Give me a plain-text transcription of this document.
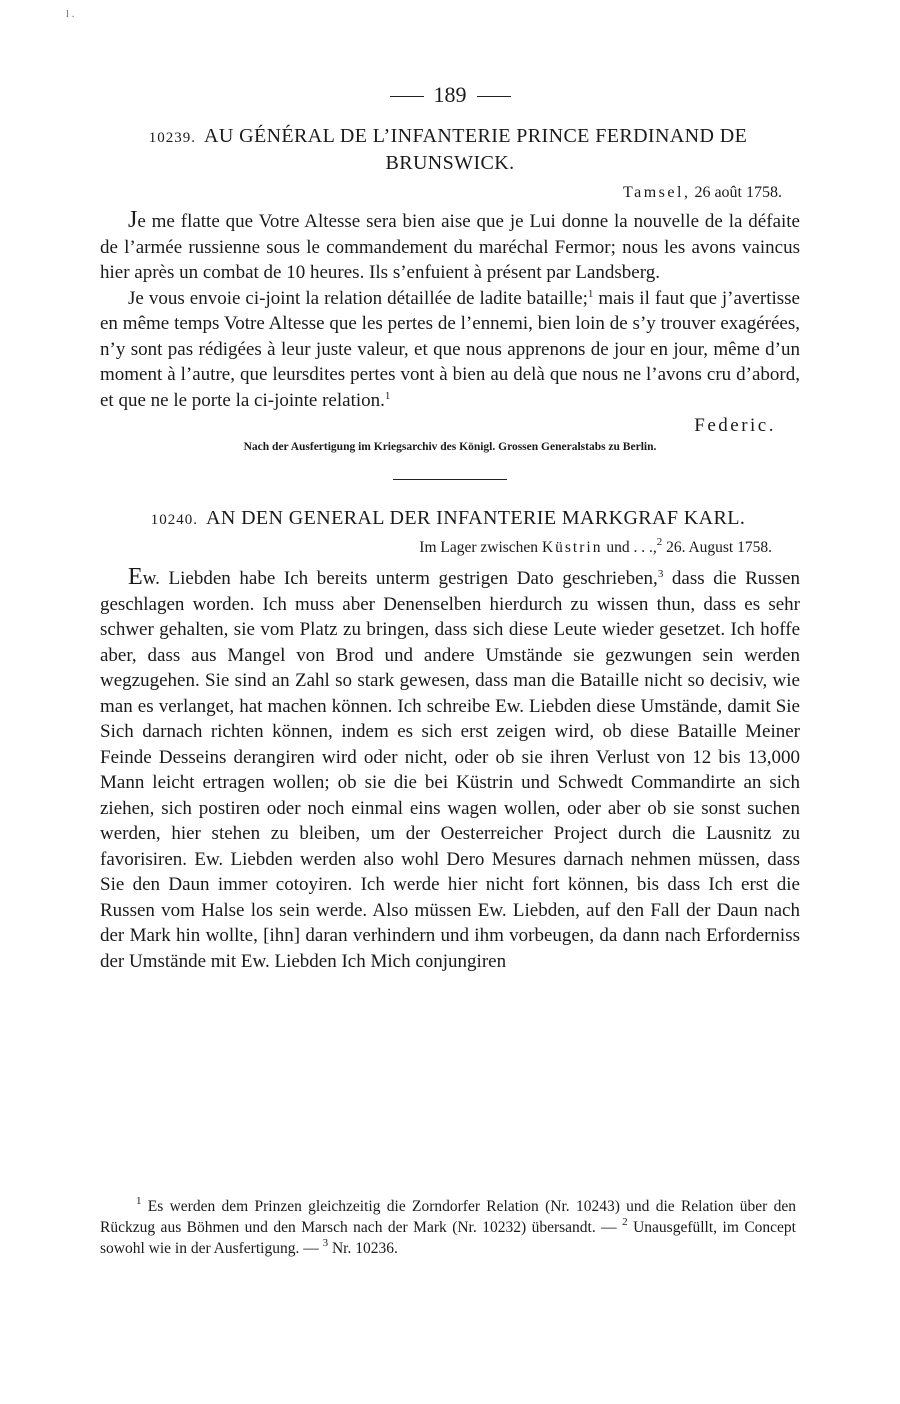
l .
189
10239. AU GÉNÉRAL DE L’INFANTERIE PRINCE FERDINAND DE BRUNSWICK.
Tamsel, 26 août 1758.

Je me flatte que Votre Altesse sera bien aise que je Lui donne la nouvelle de la défaite de l’armée russienne sous le commandement du maréchal Fermor; nous les avons vaincus hier après un combat de 10 heures. Ils s’enfuient à présent par Landsberg.

Je vous envoie ci-joint la relation détaillée de ladite bataille;$^1$ mais il faut que j’avertisse en même temps Votre Altesse que les pertes de l’ennemi, bien loin de s’y trouver exagérées, n’y sont pas rédigées à leur juste valeur, et que nous apprenons de jour en jour, même d’un moment à l’autre, que leursdites pertes vont à bien au delà que nous ne l’avons cru d’abord, et que ne le porte la ci-jointe relation.$^1$

Federic.
Nach der Ausfertigung im Kriegsarchiv des Königl. Grossen Generalstabs zu Berlin.
10240. AN DEN GENERAL DER INFANTERIE MARKGRAF KARL.
Im Lager zwischen Küstrin und . . .,$^2$ 26. August 1758.

Ew. Liebden habe Ich bereits unterm gestrigen Dato geschrieben,$^3$ dass die Russen geschlagen worden. Ich muss aber Denenselben hierdurch zu wissen thun, dass es sehr schwer gehalten, sie vom Platz zu bringen, dass sich diese Leute wieder gesetzet. Ich hoffe aber, dass aus Mangel von Brod und andere Umstände sie gezwungen sein werden wegzugehen. Sie sind an Zahl so stark gewesen, dass man die Bataille nicht so decisiv, wie man es verlanget, hat machen können. Ich schreibe Ew. Liebden diese Umstände, damit Sie Sich darnach richten können, indem es sich erst zeigen wird, ob diese Bataille Meiner Feinde Desseins derangiren wird oder nicht, oder ob sie ihren Verlust von 12 bis 13,000 Mann leicht ertragen wollen; ob sie die bei Küstrin und Schwedt Commandirte an sich ziehen, sich postiren oder noch einmal eins wagen wollen, oder aber ob sie sonst suchen werden, hier stehen zu bleiben, um der Oesterreicher Project durch die Lausnitz zu favorisiren. Ew. Liebden werden also wohl Dero Mesures darnach nehmen müssen, dass Sie den Daun immer cotoyiren. Ich werde hier nicht fort können, bis dass Ich erst die Russen vom Halse los sein werde. Also müssen Ew. Liebden, auf den Fall der Daun nach der Mark hin wollte, [ihn] daran verhindern und ihm vorbeugen, da dann nach Erforderniss der Umstände mit Ew. Liebden Ich Mich conjungiren

$^1$ Es werden dem Prinzen gleichzeitig die Zorndorfer Relation (Nr. 10243) und die Relation über den Rückzug aus Böhmen und den Marsch nach der Mark (Nr. 10232) übersandt. — $^2$ Unausgefüllt, im Concept sowohl wie in der Ausfertigung. — $^3$ Nr. 10236.
